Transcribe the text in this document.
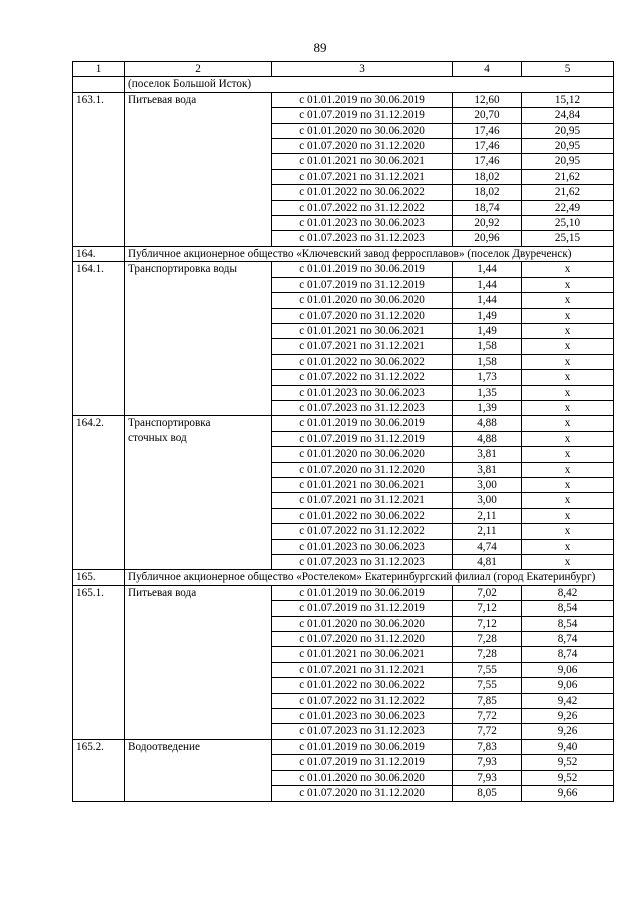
89
1	2	3	4	5
	(поселок Большой Исток)			
163.1.	Питьевая вода	с 01.01.2019 по 30.06.2019	12,60	15,12
		с 01.07.2019 по 31.12.2019	20,70	24,84
		с 01.01.2020 по 30.06.2020	17,46	20,95
		с 01.07.2020 по 31.12.2020	17,46	20,95
		с 01.01.2021 по 30.06.2021	17,46	20,95
		с 01.07.2021 по 31.12.2021	18,02	21,62
		с 01.01.2022 по 30.06.2022	18,02	21,62
		с 01.07.2022 по 31.12.2022	18,74	22,49
		с 01.01.2023 по 30.06.2023	20,92	25,10
		с 01.07.2023 по 31.12.2023	20,96	25,15
164.	Публичное акционерное общество «Ключевский завод ферросплавов» (поселок Двуреченск)			
164.1.	Транспортировка воды	с 01.01.2019 по 30.06.2019	1,44	x
		с 01.07.2019 по 31.12.2019	1,44	x
		с 01.01.2020 по 30.06.2020	1,44	x
		с 01.07.2020 по 31.12.2020	1,49	x
		с 01.01.2021 по 30.06.2021	1,49	x
		с 01.07.2021 по 31.12.2021	1,58	x
		с 01.01.2022 по 30.06.2022	1,58	x
		с 01.07.2022 по 31.12.2022	1,73	x
		с 01.01.2023 по 30.06.2023	1,35	x
		с 01.07.2023 по 31.12.2023	1,39	x
164.2.	Транспортировка	с 01.01.2019 по 30.06.2019	4,88	x
	сточных вод	с 01.07.2019 по 31.12.2019	4,88	x
		с 01.01.2020 по 30.06.2020	3,81	x
		с 01.07.2020 по 31.12.2020	3,81	x
		с 01.01.2021 по 30.06.2021	3,00	x
		с 01.07.2021 по 31.12.2021	3,00	x
		с 01.01.2022 по 30.06.2022	2,11	x
		с 01.07.2022 по 31.12.2022	2,11	x
		с 01.01.2023 по 30.06.2023	4,74	x
		с 01.07.2023 по 31.12.2023	4,81	x
165.	Публичное акционерное общество «Ростелеком» Екатеринбургский филиал (город Екатеринбург)			
165.1.	Питьевая вода	с 01.01.2019 по 30.06.2019	7,02	8,42
		с 01.07.2019 по 31.12.2019	7,12	8,54
		с 01.01.2020 по 30.06.2020	7,12	8,54
		с 01.07.2020 по 31.12.2020	7,28	8,74
		с 01.01.2021 по 30.06.2021	7,28	8,74
		с 01.07.2021 по 31.12.2021	7,55	9,06
		с 01.01.2022 по 30.06.2022	7,55	9,06
		с 01.07.2022 по 31.12.2022	7,85	9,42
		с 01.01.2023 по 30.06.2023	7,72	9,26
		с 01.07.2023 по 31.12.2023	7,72	9,26
165.2.	Водоотведение	с 01.01.2019 по 30.06.2019	7,83	9,40
		с 01.07.2019 по 31.12.2019	7,93	9,52
		с 01.01.2020 по 30.06.2020	7,93	9,52
		с 01.07.2020 по 31.12.2020	8,05	9,66
